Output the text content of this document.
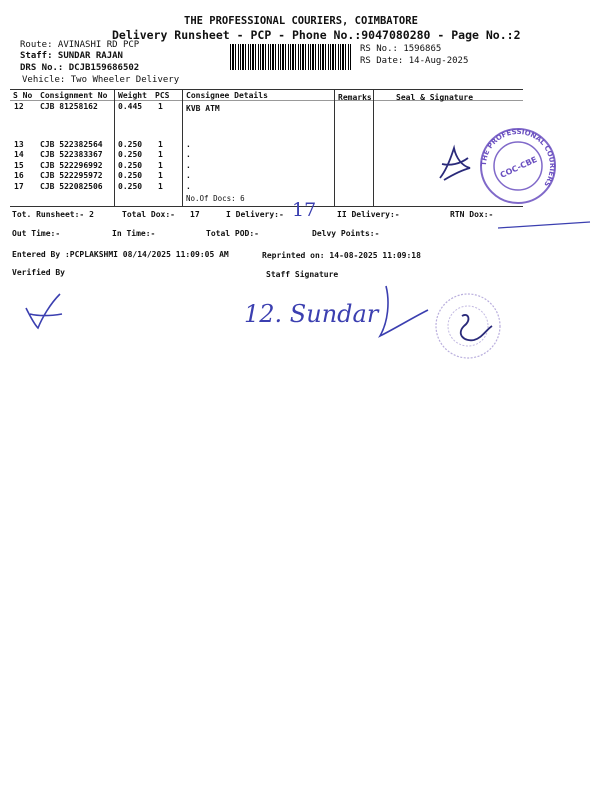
THE PROFESSIONAL COURIERS, COIMBATORE
Delivery Runsheet - PCP - Phone No.:9047080280 - Page No.:2
Route: AVINASHI RD PCP
Staff: SUNDAR RAJAN
DRS No.: DCJB159686502
Vehicle: Two Wheeler Delivery
RS No.: 1596865
RS Date: 14-Aug-2025
S No Consignment No Weight PCS Consignee Details	Remarks	Seal & Signature
12 CJB 81258162	0.445 1	KVB ATM
13 CJB 522382564 0.250 1	.
14 CJB 522383367 0.250 1	.
15 CJB 522296992 0.250 1	.
16 CJB 522295972 0.250 1	.
17 CJB 522082506 0.250 1	.
No.Of Docs: 6
THE PROFESSIONAL COURIERS
COC-CBE
Tot. Runsheet:- 2	Total Dox:- 17	I Delivery:- 17	II Delivery:-	RTN Dox:-
Out Time:-	In Time:-	Total POD:-	Delvy Points:-
Entered By :PCPLAKSHMI 08/14/2025 11:09:05 AM	Reprinted on: 14-08-2025 11:09:18
Verified By	Staff Signature
12. Sundar
